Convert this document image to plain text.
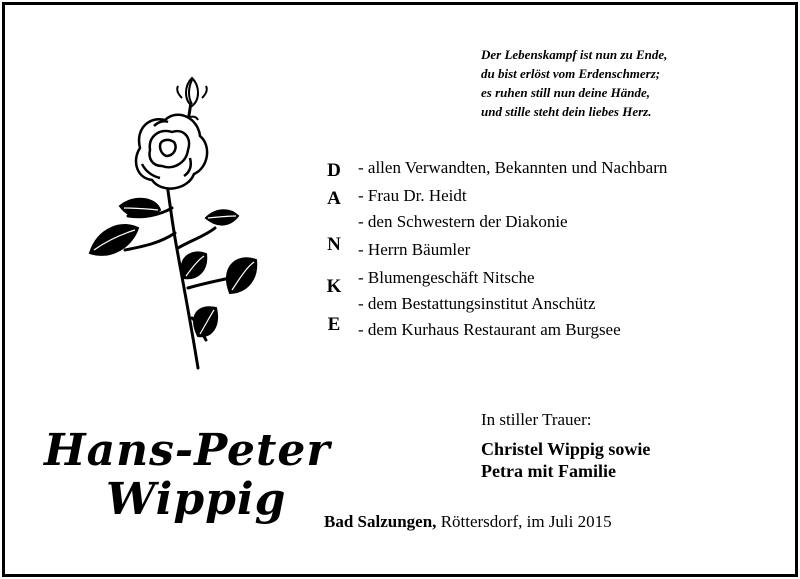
Der Lebenskampf ist nun zu Ende,
du bist erlöst vom Erdenschmerz;
es ruhen still nun deine Hände,
und stille steht dein liebes Herz.
D
A
N
K
E
- allen Verwandten, Bekannten und Nachbarn
- Frau Dr. Heidt
- den Schwestern der Diakonie
- Herrn Bäumler
- Blumengeschäft Nitsche
- dem Bestattungsinstitut Anschütz
- dem Kurhaus Restaurant am Burgsee
Hans-Peter
Wippig
In stiller Trauer:
Christel Wippig sowie
Petra mit Familie
Bad Salzungen, Röttersdorf, im Juli 2015
